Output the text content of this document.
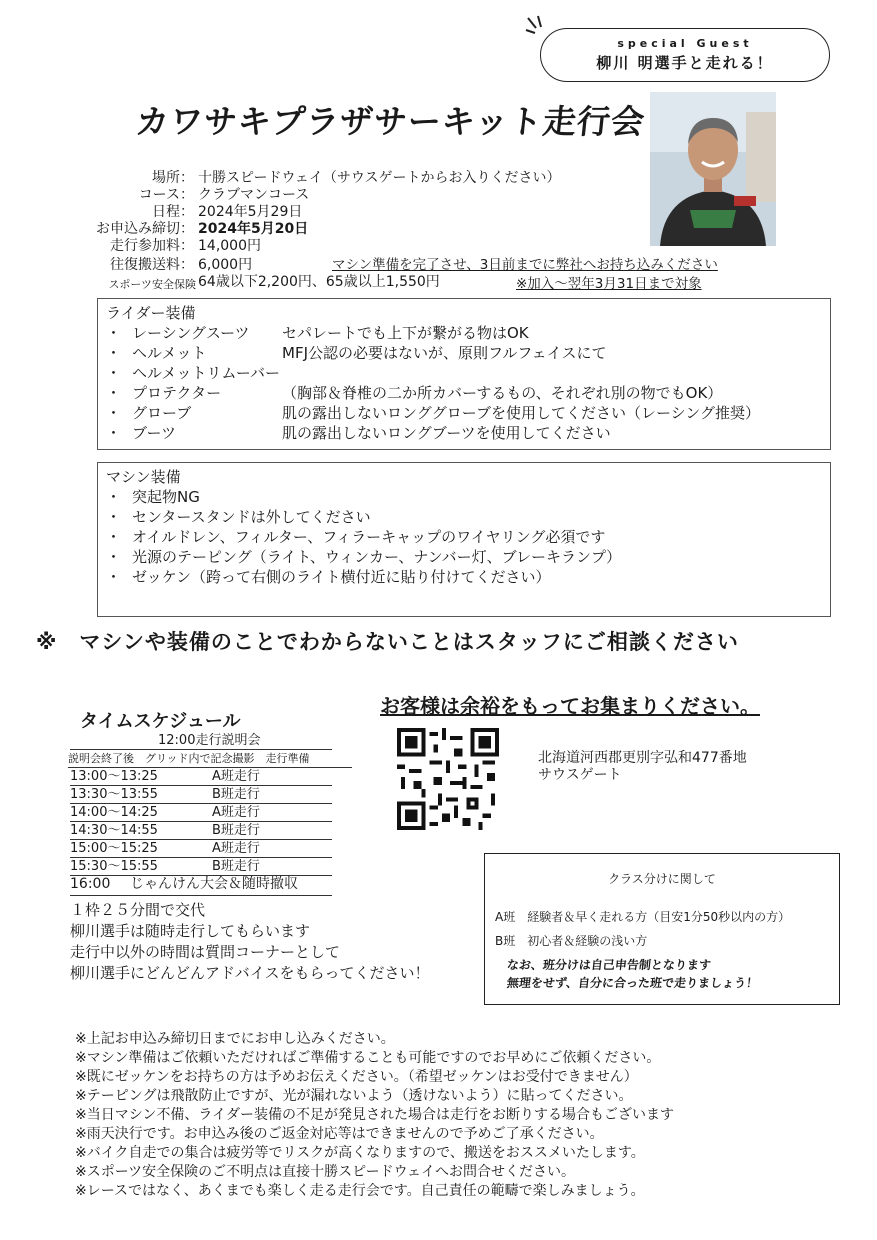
special Guest
柳川 明選手と走れる！
カワサキプラザサーキット走行会
場所： 十勝スピードウェイ（サウスゲートからお入りください）
コース： クラブマンコース
日程： 2024年5月29日
お申込み締切： 2024年5月20日
走行参加料： 14,000円
往復搬送料： 6,000円	マシン準備を完了させ、3日前までに弊社へお持ち込みください
スポーツ安全保険 64歳以下2,200円、65歳以上1,550円	※加入～翌年3月31日まで対象
ライダー装備
・ レーシングスーツ	セパレートでも上下が繋がる物はOK
・ ヘルメット	MFJ公認の必要はないが、原則フルフェイスにて
・ ヘルメットリムーバー
・ プロテクター	（胸部＆脊椎の二か所カバーするもの、それぞれ別の物でもOK）
・ グローブ	肌の露出しないロンググローブを使用してください（レーシング推奨）
・ ブーツ	肌の露出しないロングブーツを使用してください
マシン装備
・ 突起物NG
・ センタースタンドは外してください
・ オイルドレン、フィルター、フィラーキャップのワイヤリング必須です
・ 光源のテーピング（ライト、ウィンカー、ナンバー灯、ブレーキランプ）
・ ゼッケン（跨って右側のライト横付近に貼り付けてください）
※　マシンや装備のことでわからないことはスタッフにご相談ください
お客様は余裕をもってお集まりください。
タイムスケジュール
12:00走行説明会
説明会終了後　グリッド内で記念撮影　走行準備
13:00～13:25	A班走行
13:30～13:55	B班走行
14:00～14:25	A班走行
14:30～14:55	B班走行
15:00～15:25	A班走行
15:30～15:55	B班走行
16:00	じゃんけん大会＆随時撤収
１枠２５分間で交代
柳川選手は随時走行してもらいます
走行中以外の時間は質問コーナーとして
柳川選手にどんどんアドバイスをもらってください！
北海道河西郡更別字弘和477番地
サウスゲート
クラス分けに関して
A班　経験者＆早く走れる方（目安1分50秒以内の方）
B班　初心者＆経験の浅い方
なお、班分けは自己申告制となります
無理をせず、自分に合った班で走りましょう！
※上記お申込み締切日までにお申し込みください。
※マシン準備はご依頼いただければご準備することも可能ですのでお早めにご依頼ください。
※既にゼッケンをお持ちの方は予めお伝えください。（希望ゼッケンはお受付できません）
※テーピングは飛散防止ですが、光が漏れないよう（透けないよう）に貼ってください。
※当日マシン不備、ライダー装備の不足が発見された場合は走行をお断りする場合もございます
※雨天決行です。お申込み後のご返金対応等はできませんので予めご了承ください。
※バイク自走での集合は疲労等でリスクが高くなりますので、搬送をおススメいたします。
※スポーツ安全保険のご不明点は直接十勝スピードウェイへお問合せください。
※レースではなく、あくまでも楽しく走る走行会です。自己責任の範疇で楽しみましょう。
